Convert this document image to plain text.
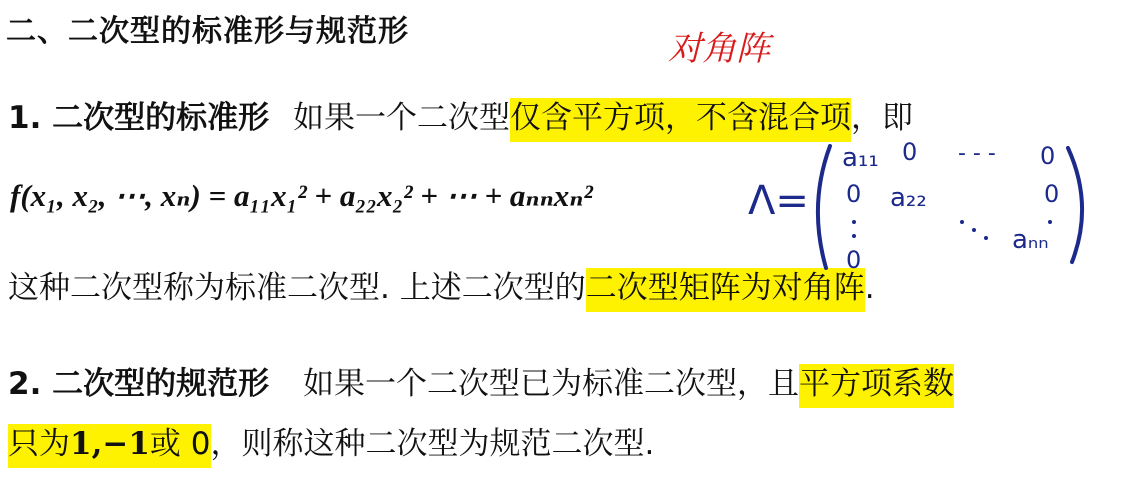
二、二次型的标准形与规范形
1. 二次型的标准形 如果一个二次型仅含平方项，不含混合项，即
f(x₁, x₂, ⋯, xₙ) = a₁₁x₁² + a₂₂x₂² + ⋯ + aₙₙxₙ²
这种二次型称为标准二次型. 上述二次型的二次型矩阵为对角阵.
2. 二次型的规范形 如果一个二次型已为标准二次型，且平方项系数
只为1,−1或 0，则称这种二次型为规范二次型.
对角阵
Λ=
a₁₁ 0 - - - 0
0 a₂₂	0
0
aₙₙ
